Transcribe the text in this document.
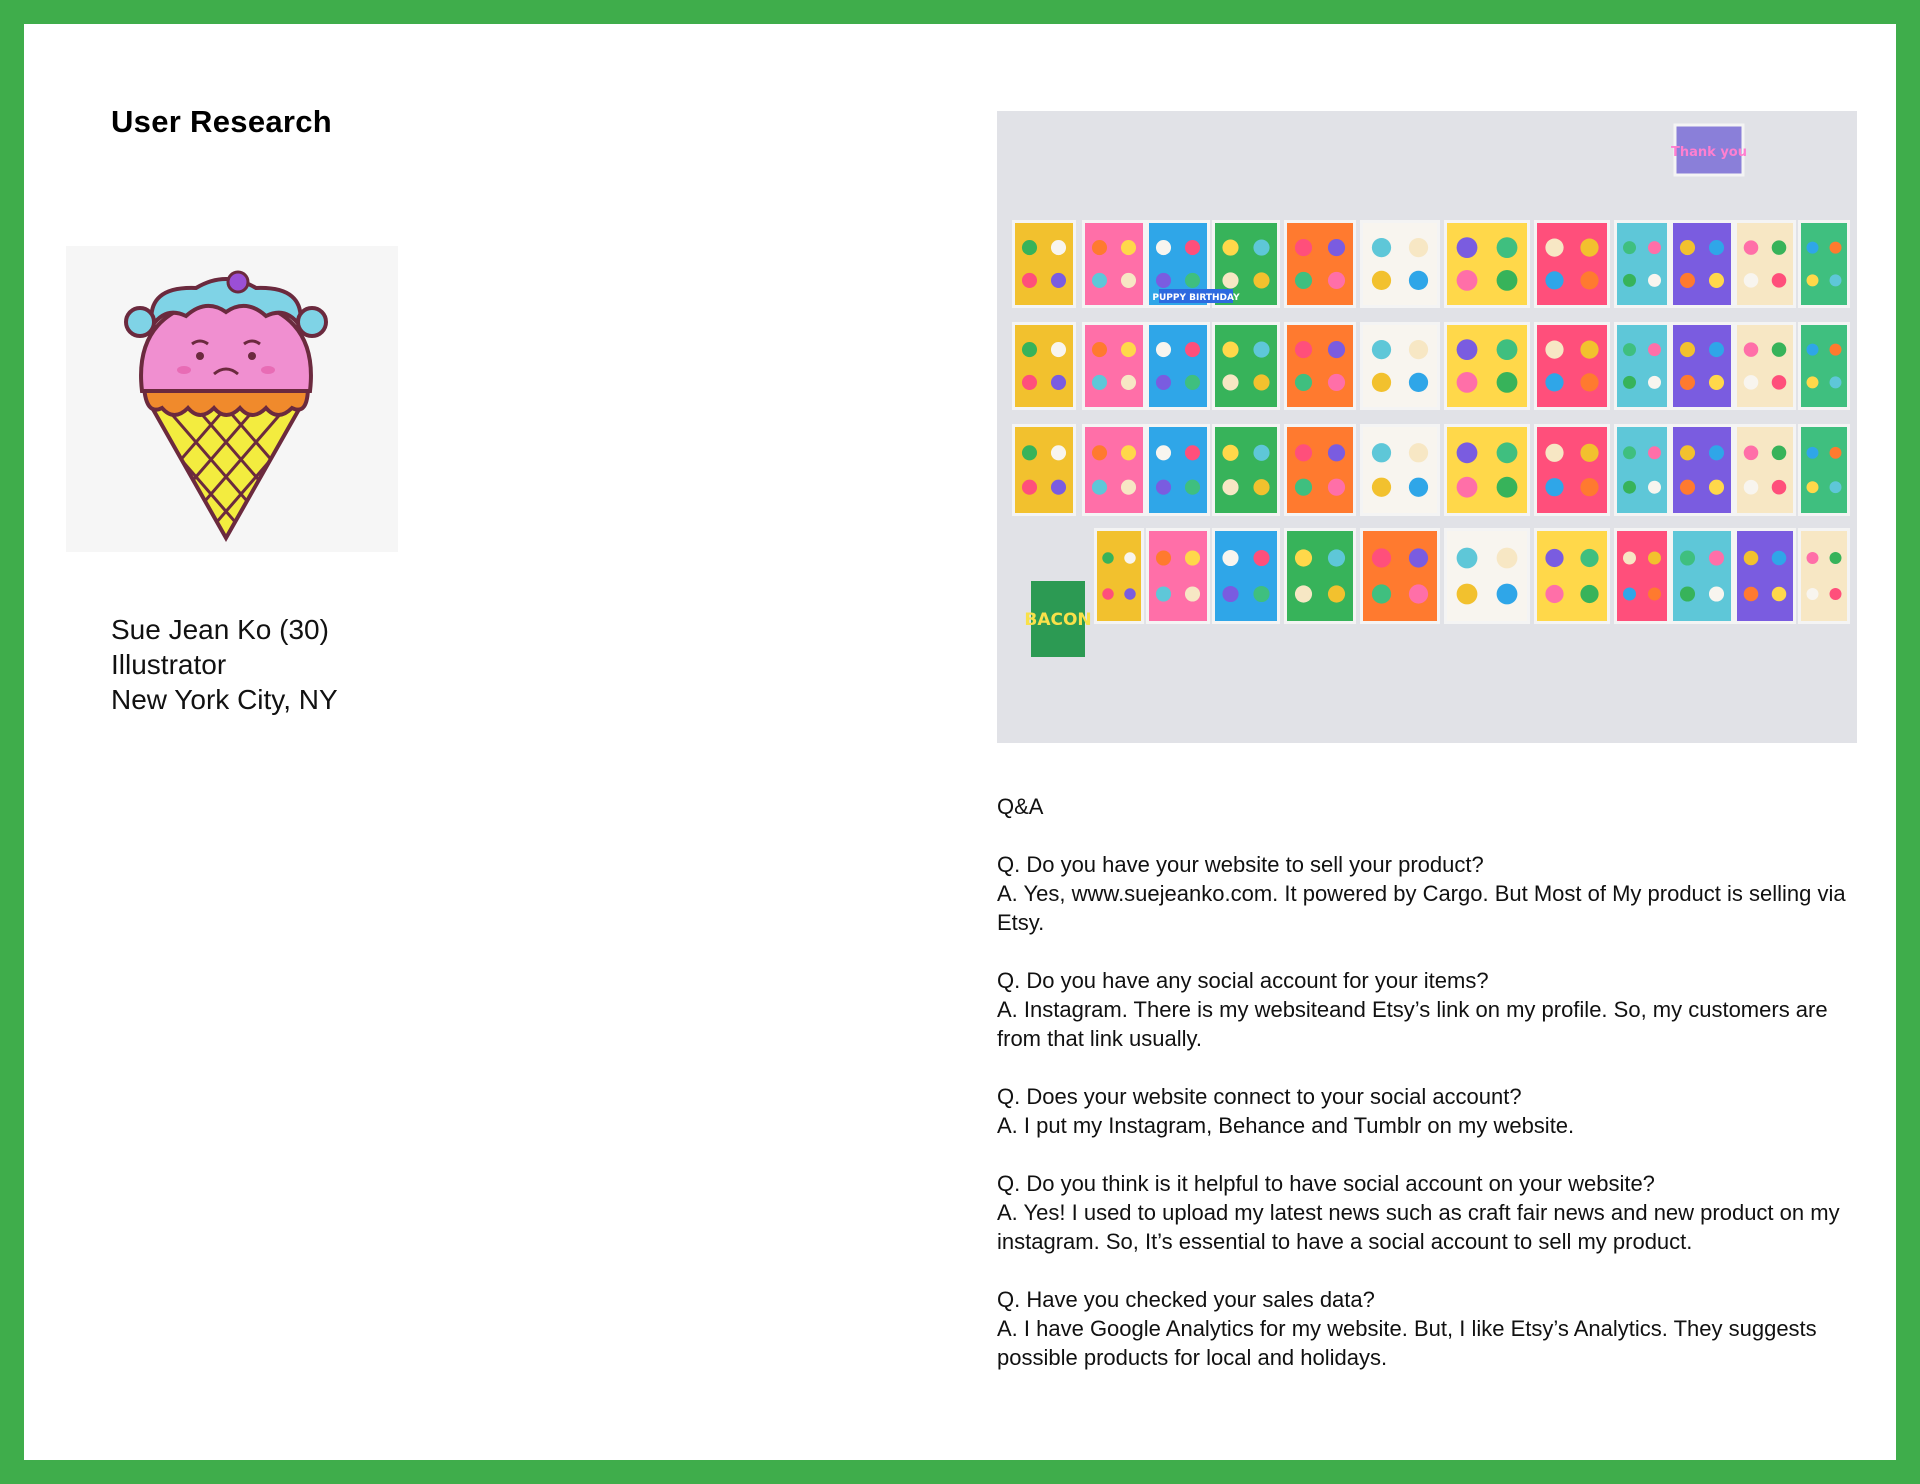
User Research
Sue Jean Ko (30)
Illustrator
New York City, NY
Thank you
PUPPY BIRTHDAY
BACON
Q&A
Q. Do you have your website to sell your product?
A. Yes, www.suejeanko.com. It powered by Cargo. But Most of My product is selling via Etsy.
Q. Do you have any social account for your items?
A. Instagram. There is my websiteand Etsy’s link on my profile. So, my customers are from that link usually.
Q. Does your website connect to your social account?
A. I put my Instagram, Behance and Tumblr on my website.
Q. Do you think is it helpful to have social account on your website?
A. Yes! I used to upload my latest news such as craft fair news and new product on my instagram. So, It’s essential to have a social account to sell my product.
Q. Have you checked your sales data?
A. I have Google Analytics for my website. But, I like Etsy’s Analytics. They suggests possible products for local and holidays.
